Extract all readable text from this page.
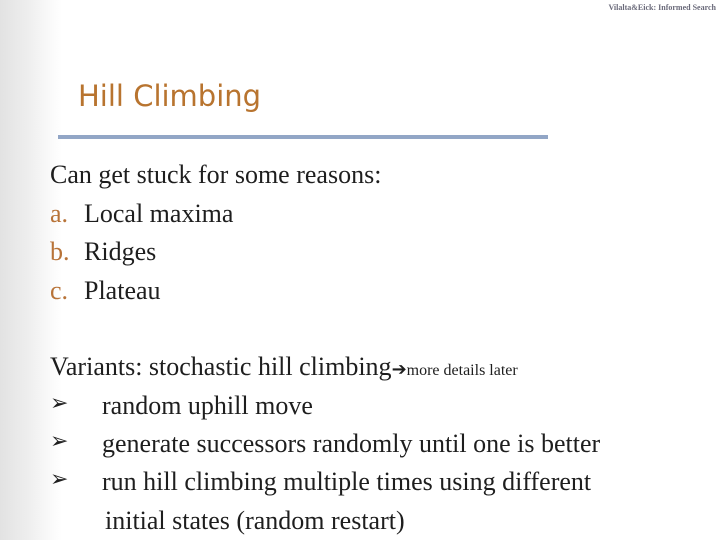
Vilalta&Eick: Informed Search
Hill Climbing
Can get stuck for some reasons:
a. Local maxima
b. Ridges
c. Plateau
Variants: stochastic hill climbing➔more details later
➢ random uphill move
➢ generate successors randomly until one is better
➢ run hill climbing multiple times using different
initial states (random restart)
